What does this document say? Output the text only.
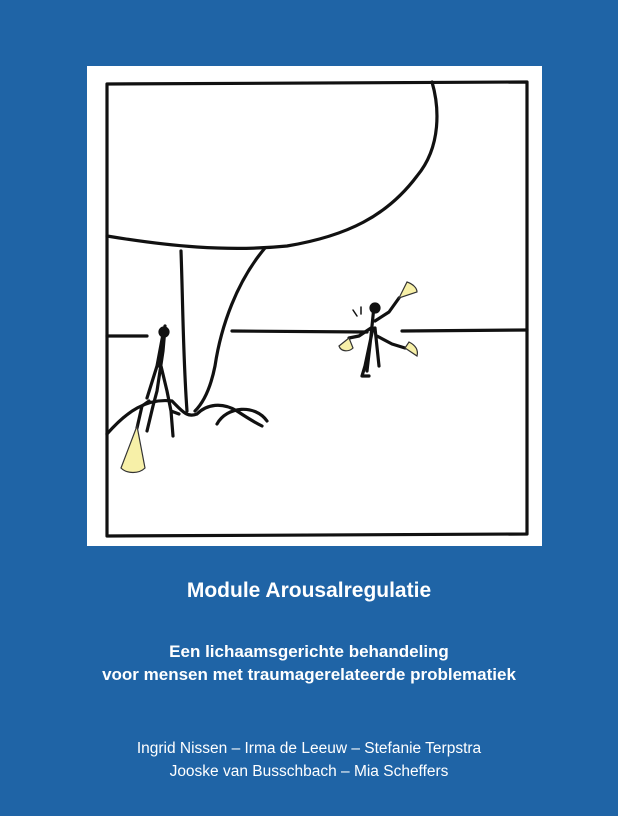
Module Arousalregulatie
Een lichaamsgerichte behandeling
voor mensen met traumagerelateerde problematiek
Ingrid Nissen – Irma de Leeuw – Stefanie Terpstra
Jooske van Busschbach – Mia Scheffers
